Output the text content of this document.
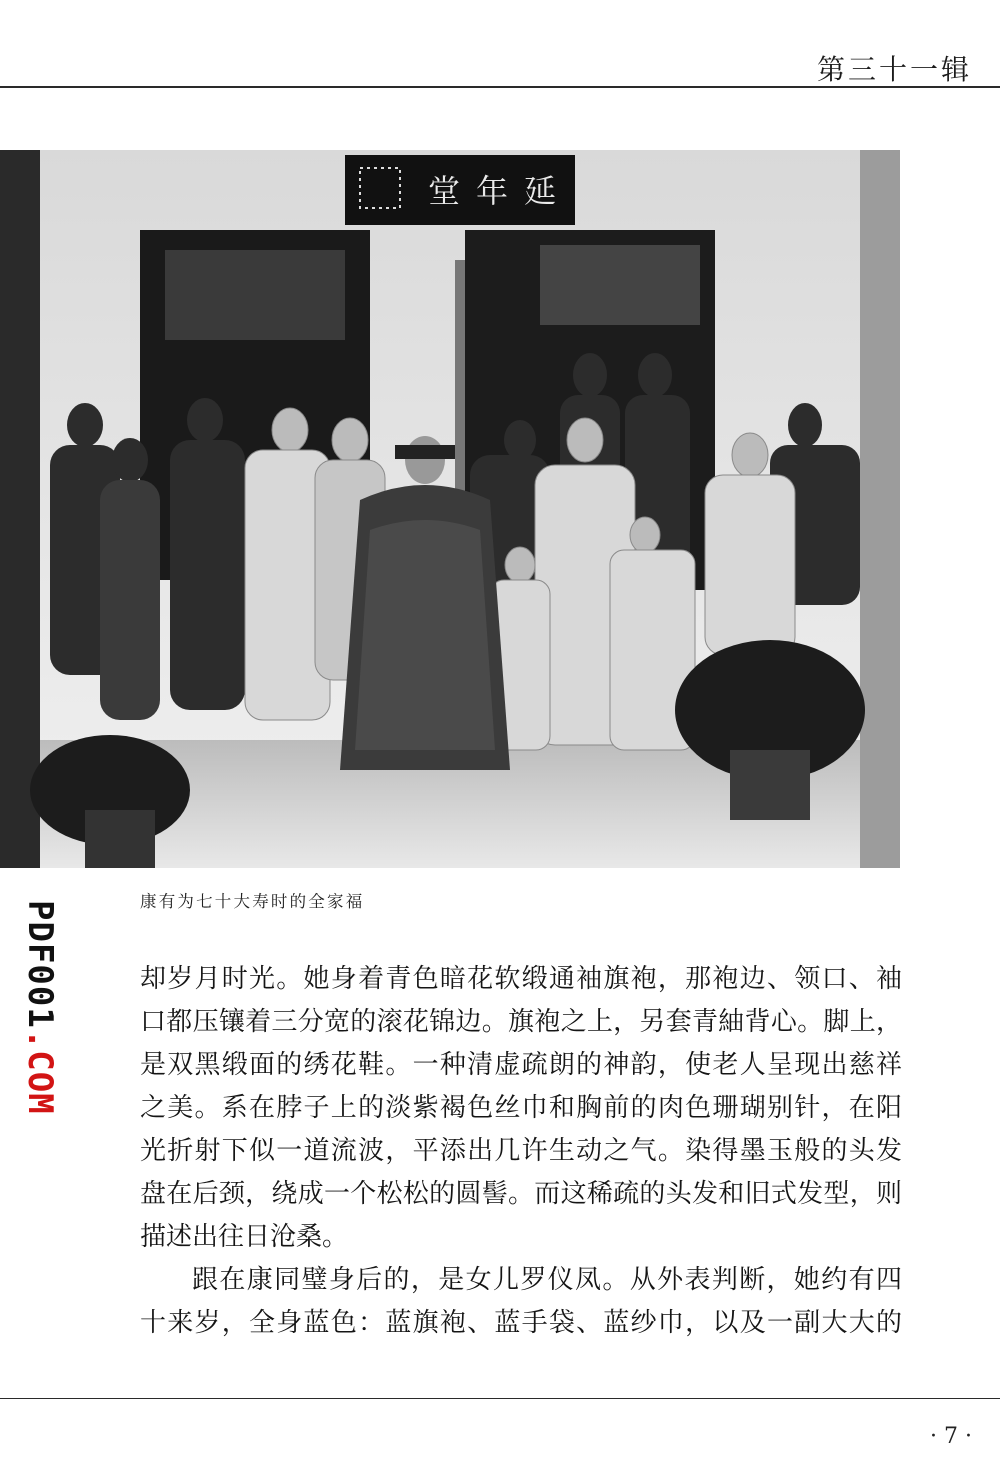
第三十一辑
延年堂
PDF001.COM
康有为七十大寿时的全家福

却岁月时光。她身着青色暗花软缎通袖旗袍，那袍边、领口、袖

口都压镶着三分宽的滚花锦边。旗袍之上，另套青紬背心。脚上，

是双黑缎面的绣花鞋。一种清虚疏朗的神韵，使老人呈现出慈祥

之美。系在脖子上的淡紫褐色丝巾和胸前的肉色珊瑚别针，在阳

光折射下似一道流波，平添出几许生动之气。染得墨玉般的头发

盘在后颈，绕成一个松松的圆髻。而这稀疏的头发和旧式发型，则

描述出往日沧桑。

跟在康同璧身后的，是女儿罗仪凤。从外表判断，她约有四

十来岁，全身蓝色：蓝旗袍、蓝手袋、蓝纱巾，以及一副大大的

· 7 ·
